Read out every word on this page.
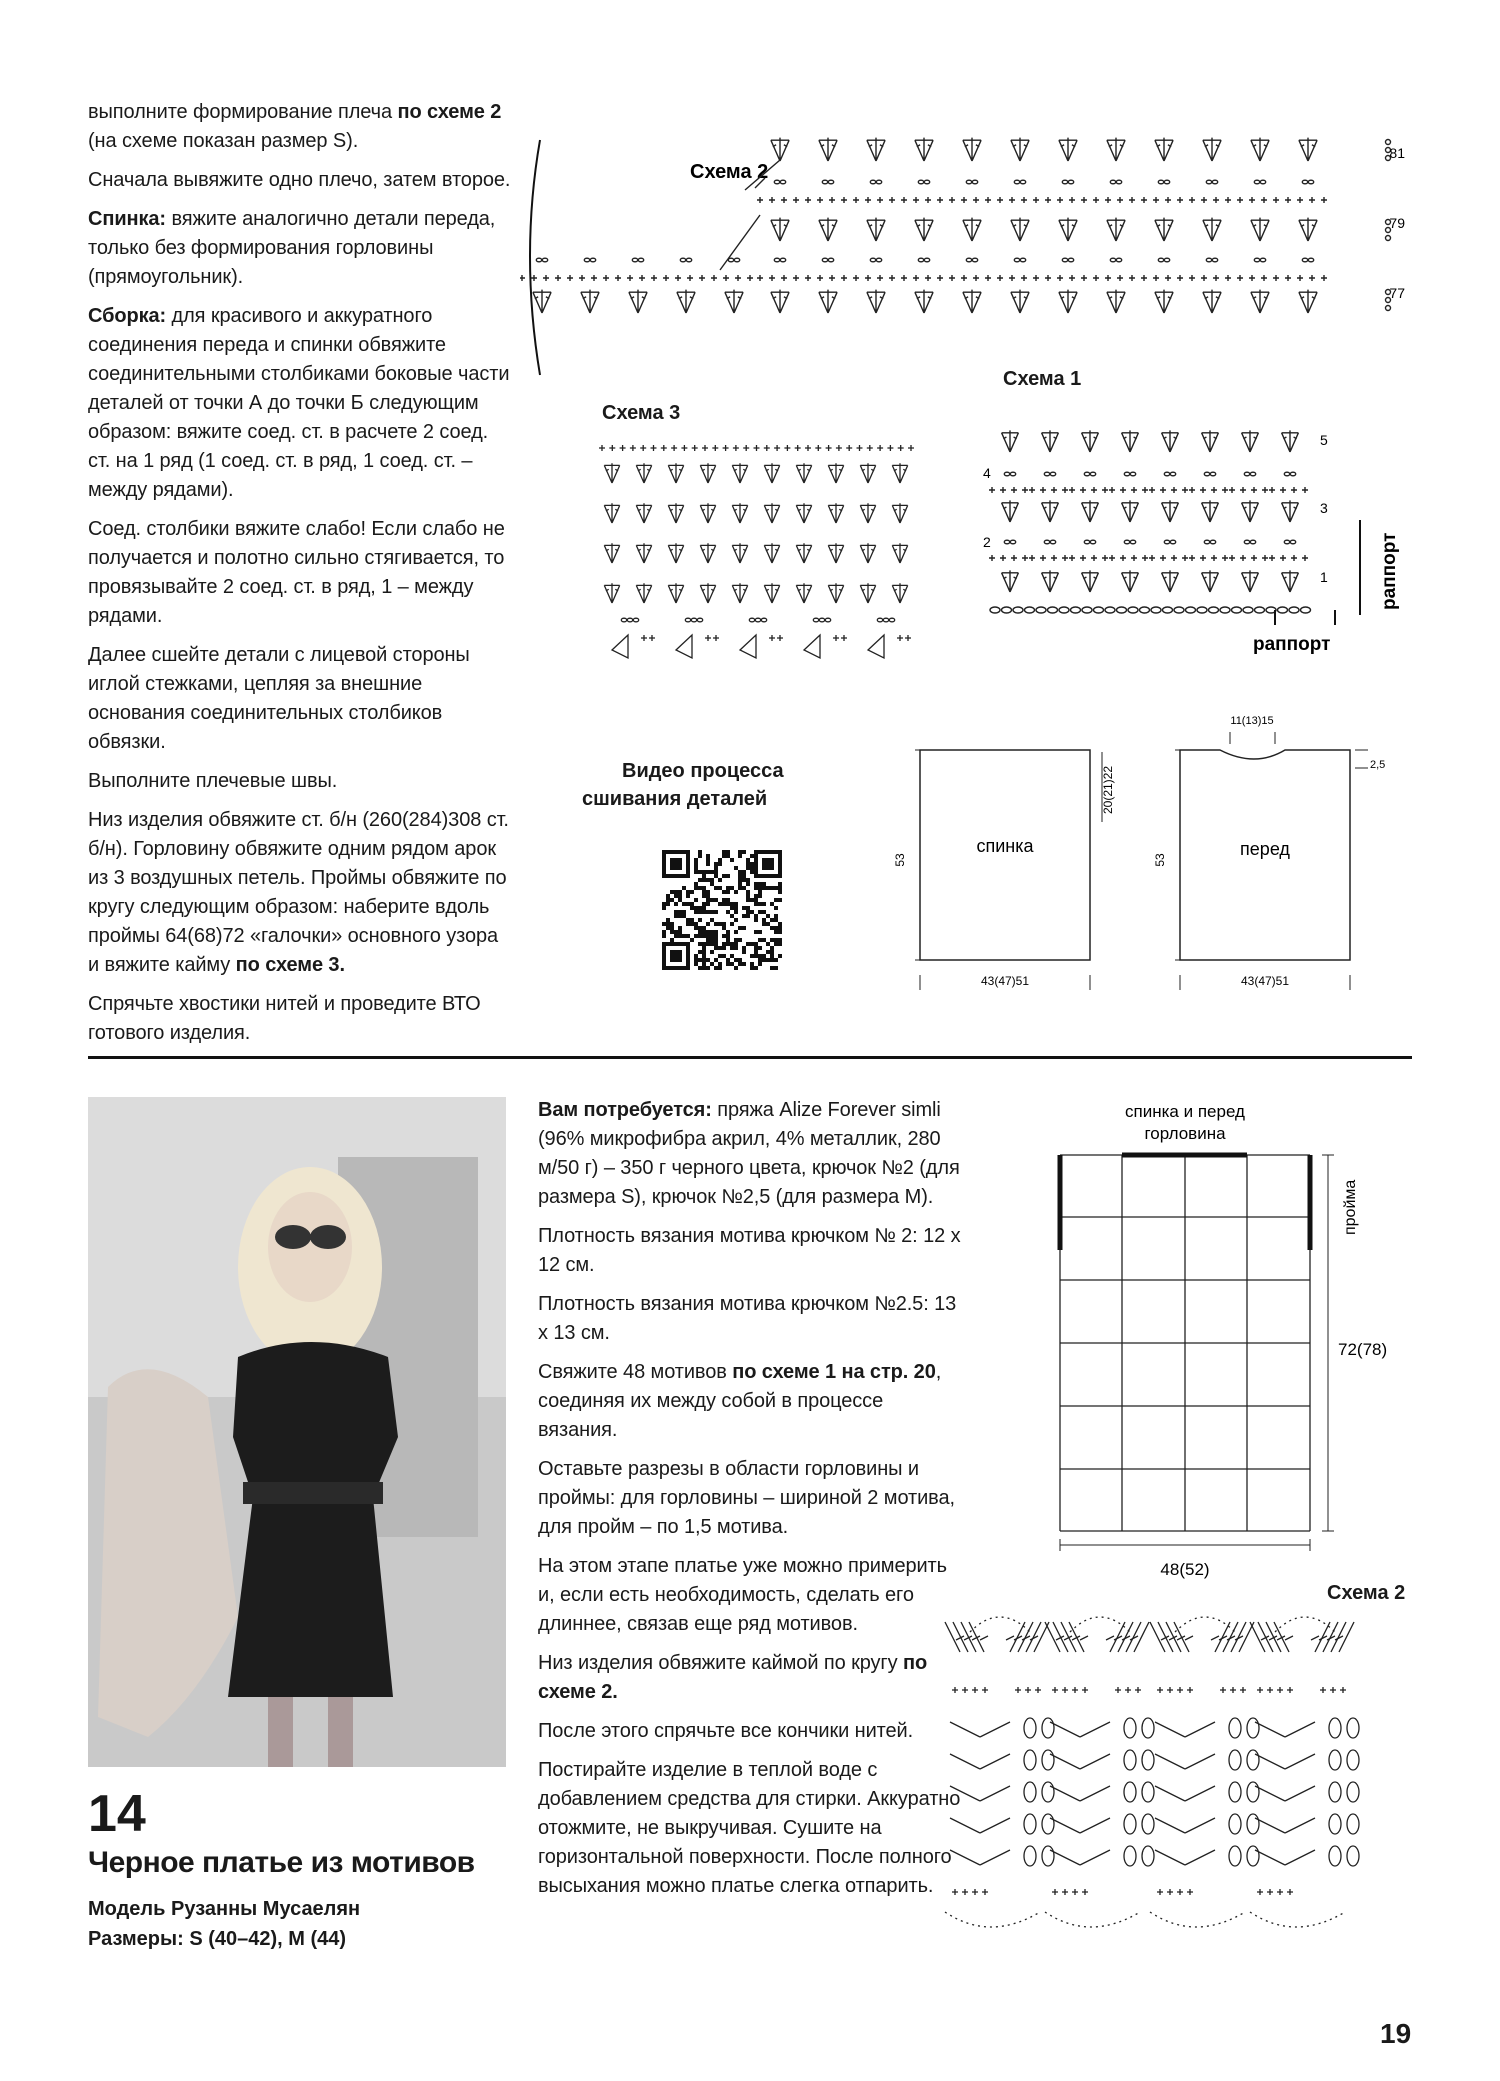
выполните формирование плеча по схеме 2 (на схеме показан размер S).

Сначала вывяжите одно плечо, затем второе.

Спинка: вяжите аналогично детали переда, только без формирования горловины (прямоугольник).

Сборка: для красивого и аккуратного соединения переда и спинки обвяжите соединительными столбиками боковые части деталей от точки А до точки Б следующим образом: вяжите соед. ст. в расчете 2 соед. ст. на 1 ряд (1 соед. ст. в ряд, 1 соед. ст. – между рядами).

Соед. столбики вяжите слабо! Если слабо не получается и полотно сильно стягивается, то провязывайте 2 соед. ст. в ряд, 1 – между рядами.

Далее сшейте детали с лицевой стороны иглой стежками, цепляя за внешние основания соединительных столбиков обвязки.

Выполните плечевые швы.

Низ изделия обвяжите ст. б/н (260(284)308 ст. б/н). Горловину обвяжите одним рядом арок из 3 воздушных петель. Проймы обвяжите по кругу следующим образом: наберите вдоль проймы 64(68)72 «галочки» основного узора и вяжите кайму по схеме 3.

Спрячьте хвостики нитей и проведите ВТО готового изделия.

Схема 2
81
79
77
Схема 1
5
4
3
2
1	раппорт
раппорт
Схема 3
Видео процесса
сшивания деталей
53
20(21)22
спинка
43(47)51
53
11(13)15
2,5
перед
43(47)51
14
Черное платье из мотивов
Модель Рузанны Мусаелян
Размеры: S (40–42), M (44)

Вам потребуется: пряжа Alize Forever simli (96% микрофибра акрил, 4% металлик, 280 м/50 г) – 350 г черного цвета, крючок №2 (для размера S), крючок №2,5 (для размера M).

Плотность вязания мотива крючком № 2: 12 х 12 см.

Плотность вязания мотива крючком №2.5: 13 х 13 см.

Свяжите 48 мотивов по схеме 1 на стр. 20, соединяя их между собой в процессе вязания.

Оставьте разрезы в области горловины и проймы: для горловины – шириной 2 мотива, для пройм – по 1,5 мотива.

На этом этапе платье уже можно примерить и, если есть необходимость, сделать его длиннее, связав еще ряд мотивов.

Низ изделия обвяжите каймой по кругу по схеме 2.

После этого спрячьте все кончики нитей.

Постирайте изделие в теплой воде с добавлением средства для стирки. Аккуратно отожмите, не выкручивая. Сушите на горизонтальной поверхности. После полного высыхания можно платье слегка отпарить.

спинка и перед
горловина
пройма
72(78)
48(52)
Схема 2
19
